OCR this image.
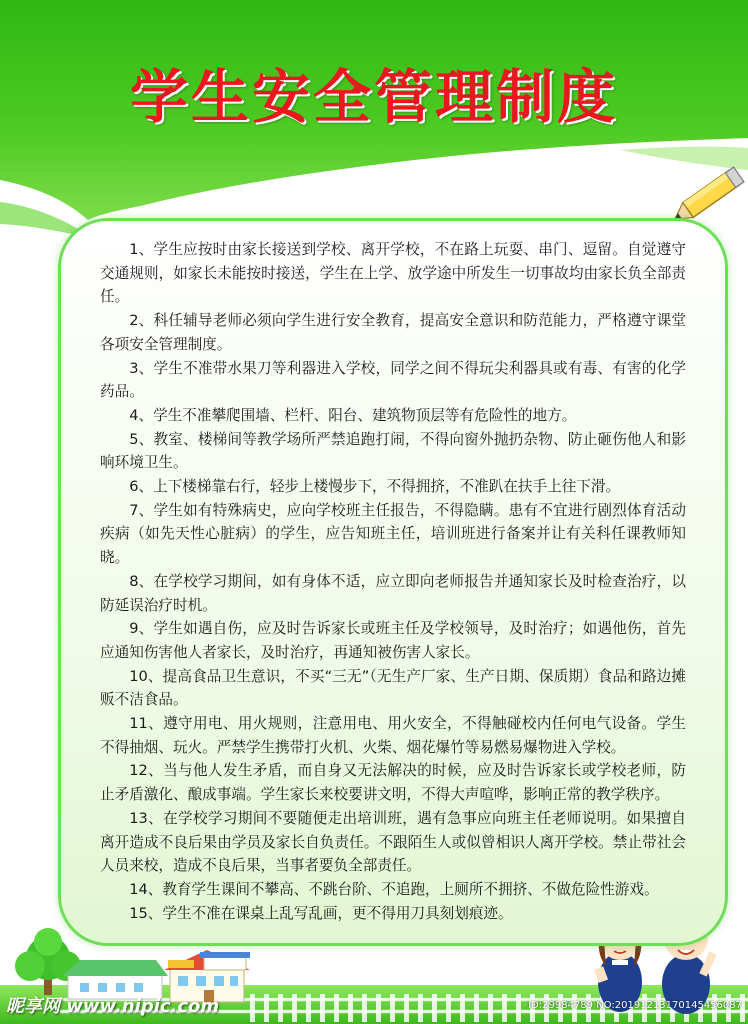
学生安全管理制度
1、学生应按时由家长接送到学校、离开学校，不在路上玩耍、串门、逗留。自觉遵守交通规则，如家长未能按时接送，学生在上学、放学途中所发生一切事故均由家长负全部责任。
2、科任辅导老师必须向学生进行安全教育，提高安全意识和防范能力，严格遵守课堂各项安全管理制度。
3、学生不准带水果刀等利器进入学校，同学之间不得玩尖利器具或有毒、有害的化学药品。
4、学生不准攀爬围墙、栏杆、阳台、建筑物顶层等有危险性的地方。
5、教室、楼梯间等教学场所严禁追跑打闹，不得向窗外抛扔杂物、防止砸伤他人和影响环境卫生。
6、上下楼梯靠右行，轻步上楼慢步下，不得拥挤，不准趴在扶手上往下滑。
7、学生如有特殊病史，应向学校班主任报告，不得隐瞒。患有不宜进行剧烈体育活动疾病（如先天性心脏病）的学生，应告知班主任，培训班进行备案并让有关科任课教师知晓。
8、在学校学习期间，如有身体不适，应立即向老师报告并通知家长及时检查治疗，以防延误治疗时机。
9、学生如遇自伤，应及时告诉家长或班主任及学校领导，及时治疗；如遇他伤，首先应通知伤害他人者家长，及时治疗，再通知被伤害人家长。
10、提高食品卫生意识，不买“三无”（无生产厂家、生产日期、保质期）食品和路边摊贩不洁食品。
11、遵守用电、用火规则，注意用电、用火安全，不得触碰校内任何电气设备。学生不得抽烟、玩火。严禁学生携带打火机、火柴、烟花爆竹等易燃易爆物进入学校。
12、当与他人发生矛盾，而自身又无法解决的时候，应及时告诉家长或学校老师，防止矛盾激化、酿成事端。学生家长来校要讲文明，不得大声喧哗，影响正常的教学秩序。
13、在学校学习期间不要随便走出培训班，遇有急事应向班主任老师说明。如果擅自离开造成不良后果由学员及家长自负责任。不跟陌生人或似曾相识人离开学校。禁止带社会人员来校，造成不良后果，当事者要负全部责任。
14、教育学生课间不攀高、不跳台阶、不追跑，上厕所不拥挤、不做危险性游戏。
15、学生不准在课桌上乱写乱画，更不得用刀具刻划痕迹。
昵享网 www.nipic.com	ID:29984789 NO:20191213170145456087
